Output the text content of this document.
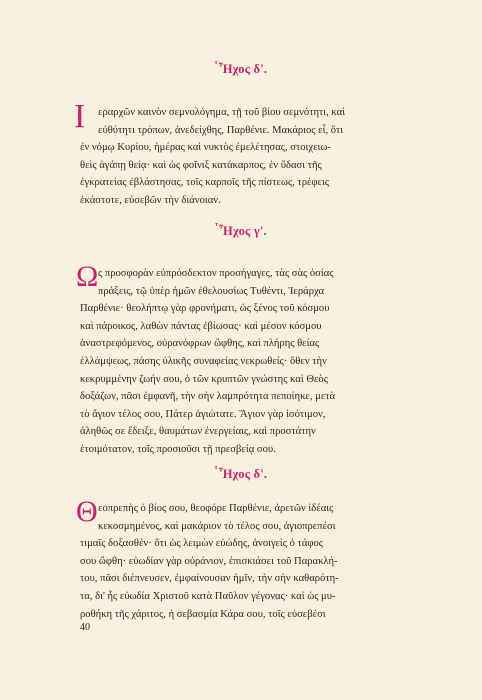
$^ᵀ$Ἦχος δ'.
Ι	εραρχῶν καινὸν σεμνολόγημα, τῇ τοῦ βίου σεμνότητι, καὶ
εὐθύτητι τρόπων, ἀνεδείχθης, Παρθένιε. Μακάριος εἶ, ὅτι
ἐν νόμῳ Κυρίου, ἡμέρας καὶ νυκτὸς ἐμελέτησας, στοιχειω-
θεὶς ἀγάπῃ θείᾳ· καὶ ὡς φοῖνιξ κατάκαρπος, ἐν ὕδασι τῆς
ἐγκρατείας ἐβλάστησας, τοῖς καρποῖς τῆς πίστεως, τρέφεις
ἑκάστοτε, εὐσεβῶν τὴν διάνοιαν.
$^ᵀ$Ἦχος γ'.
Ω ς προσφορὰν εὐπρόσδεκτον προσήγαγες, τὰς σὰς ὁσίας
πράξεις, τῷ ὑπὲρ ἡμῶν ἐθελουσίως Τυθέντι, Ἱεράρχα
Παρθένιε· θεολήπτῳ γὰρ φρονήματι, ὡς ξένος τοῦ κόσμου
καὶ πάροικος, λαθὼν πάντας ἐβίωσας· καὶ μέσον κόσμου
ἀναστρεφόμενος, οὐρανόφρων ὤφθης, καὶ πλήρης θείας
ἐλλάμψεως, πάσης ὑλικῆς συναφείας νεκρωθείς· ὅθεν τὴν
κεκρυμμένην ζωήν σου, ὁ τῶν κρυπτῶν γνώστης καὶ Θεὸς
δοξάζων, πᾶσι ἐμφανῆ, τὴν σὴν λαμπρότητα πεποίηκε, μετὰ
τὸ ἅγιον τέλος σου, Πάτερ ἁγιώτατε. Ἅγιον γὰρ ἰσότιμον,
ἀληθῶς σε ἔδειξε, θαυμάτων ἐνεργείαις, καὶ προστάτην
ἑτοιμότατον, τοῖς προσιοῦσι τῇ πρεσβείᾳ σου.
$^ᵀ$Ἦχος δ'.
Θ εοπρεπὴς ὁ βίος σου, θεοφόρε Παρθένιε, ἀρετῶν ἰδέαις
κεκοσμημένος, καὶ μακάριον τὸ τέλος σου, ἁγιοπρεπέσι
τιμαῖς δοξασθέν· ὅτι ὡς λειμὼν εὐώδης, ἀνοιγεὶς ὁ τάφος
σου ὤφθη· εὐωδίαν γὰρ οὐράνιον, ἐπισκιάσει τοῦ Παρακλή-
του, πᾶσι διέπνευσεν, ἐμφαίνουσαν ἡμῖν, τὴν σὴν καθαρότη-
τα, δι' ἧς εὐωδία Χριστοῦ κατὰ Παῦλον γέγονας· καὶ ὡς μυ-
ροθήκη τῆς χάριτος, ἡ σεβασμία Κάρα σου, τοῖς εὐσεβέσι
40
